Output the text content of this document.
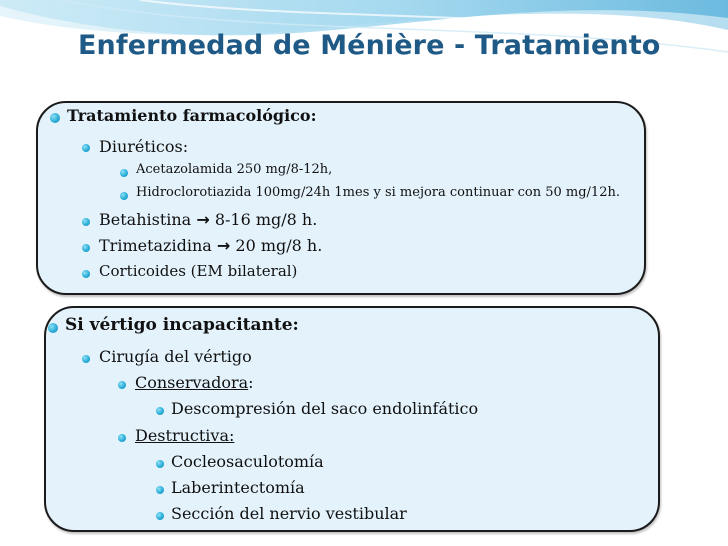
Enfermedad de Ménière - Tratamiento
Tratamiento farmacológico:
Diuréticos:
Acetazolamida 250 mg/8-12h,
Hidroclorotiazida 100mg/24h 1mes y si mejora continuar con 50 mg/12h.
Betahistina → 8-16 mg/8 h.
Trimetazidina → 20 mg/8 h.
Corticoides (EM bilateral)
Si vértigo incapacitante:
Cirugía del vértigo
Conservadora:
Descompresión del saco endolinfático
Destructiva:
Cocleosaculotomía
Laberintectomía
Sección del nervio vestibular
